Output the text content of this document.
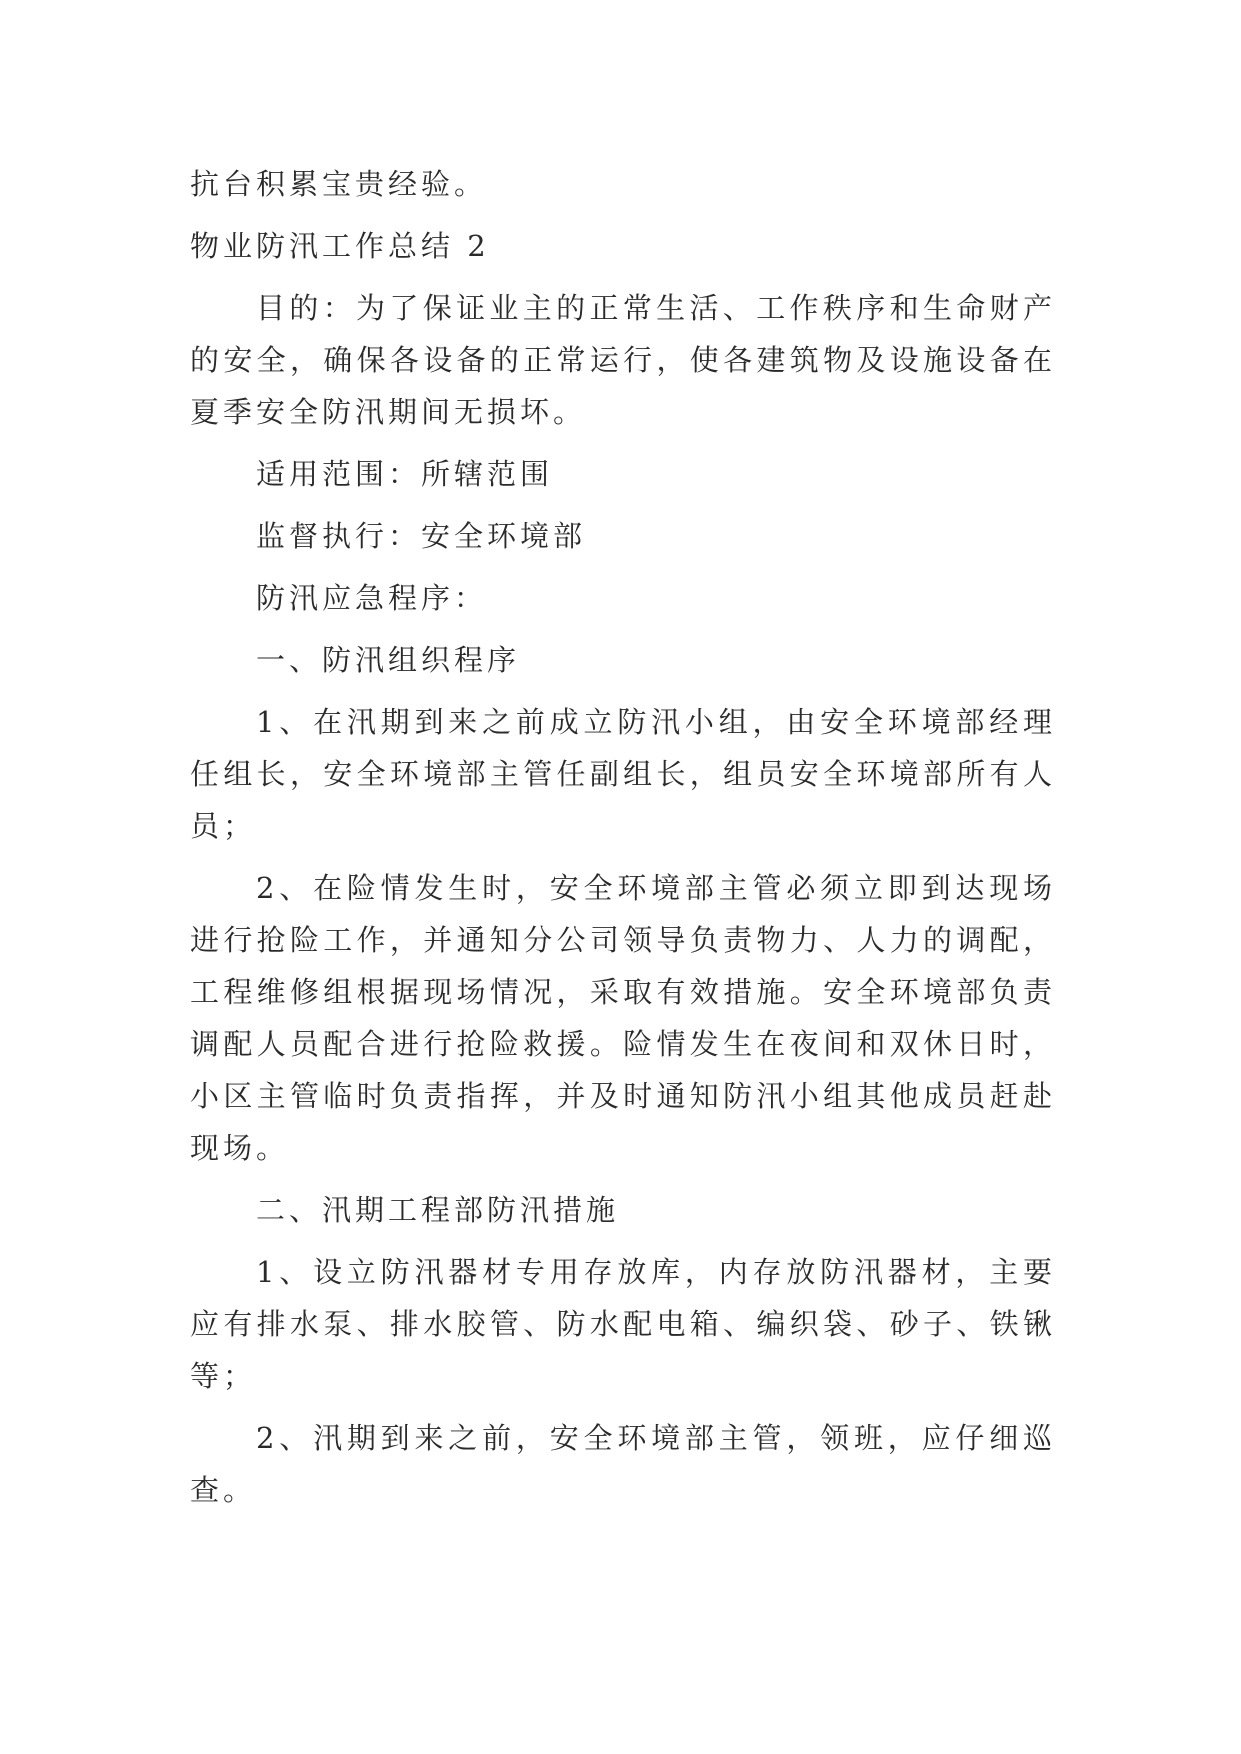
抗台积累宝贵经验。

物业防汛工作总结 2

目的：为了保证业主的正常生活、工作秩序和生命财产的安全，确保各设备的正常运行，使各建筑物及设施设备在夏季安全防汛期间无损坏。

适用范围：所辖范围

监督执行：安全环境部

防汛应急程序：

一、防汛组织程序

1、在汛期到来之前成立防汛小组，由安全环境部经理任组长，安全环境部主管任副组长，组员安全环境部所有人员；

2、在险情发生时，安全环境部主管必须立即到达现场进行抢险工作，并通知分公司领导负责物力、人力的调配，工程维修组根据现场情况，采取有效措施。安全环境部负责调配人员配合进行抢险救援。险情发生在夜间和双休日时，小区主管临时负责指挥，并及时通知防汛小组其他成员赶赴现场。

二、汛期工程部防汛措施

1、设立防汛器材专用存放库，内存放防汛器材，主要应有排水泵、排水胶管、防水配电箱、编织袋、砂子、铁锹等；

2、汛期到来之前，安全环境部主管，领班，应仔细巡查。
